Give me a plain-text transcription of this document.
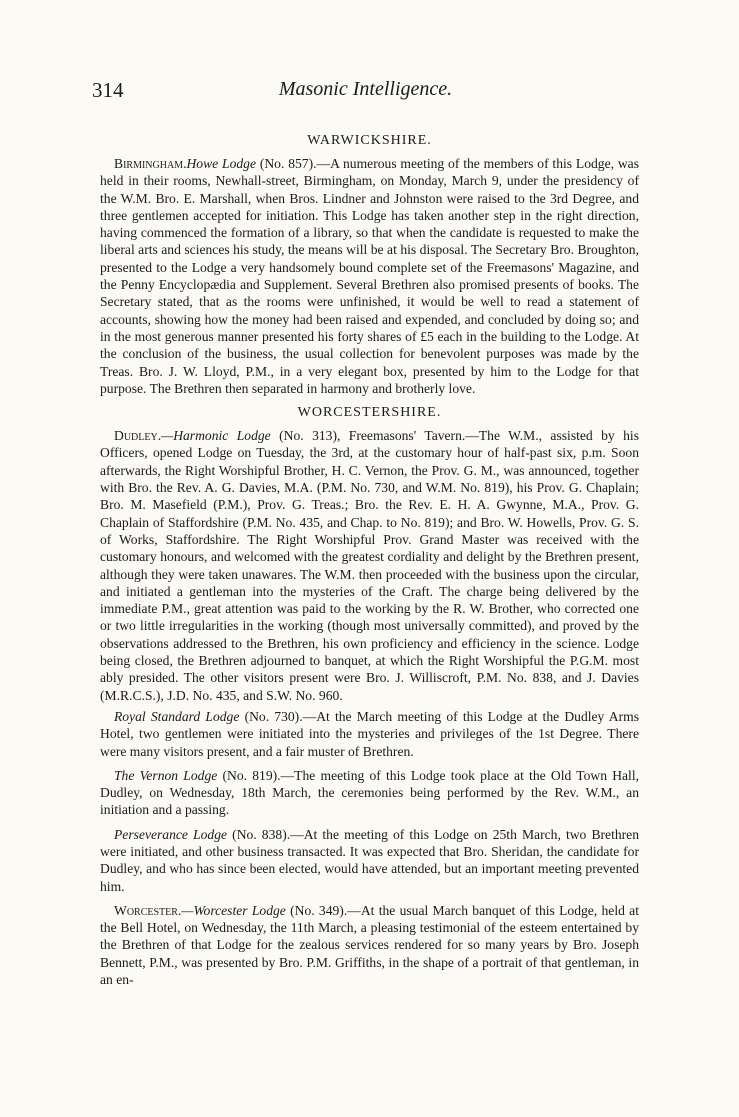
314	Masonic Intelligence.
WARWICKSHIRE.

Birmingham.Howe Lodge (No. 857).—A numerous meeting of the members of this Lodge, was held in their rooms, Newhall-street, Birmingham, on Monday, March 9, under the presidency of the W.M. Bro. E. Marshall, when Bros. Lindner and Johnston were raised to the 3rd Degree, and three gentlemen accepted for initiation. This Lodge has taken another step in the right direction, having commenced the formation of a library, so that when the candidate is requested to make the liberal arts and sciences his study, the means will be at his disposal. The Secretary Bro. Broughton, presented to the Lodge a very handsomely bound complete set of the Freemasons' Magazine, and the Penny Encyclopædia and Supplement. Several Brethren also promised presents of books. The Secretary stated, that as the rooms were unfinished, it would be well to read a statement of accounts, showing how the money had been raised and expended, and concluded by doing so; and in the most generous manner presented his forty shares of £5 each in the building to the Lodge. At the conclusion of the business, the usual collection for benevolent purposes was made by the Treas. Bro. J. W. Lloyd, P.M., in a very elegant box, presented by him to the Lodge for that purpose. The Brethren then separated in harmony and brotherly love.

WORCESTERSHIRE.

Dudley.—Harmonic Lodge (No. 313), Freemasons' Tavern.—The W.M., assisted by his Officers, opened Lodge on Tuesday, the 3rd, at the customary hour of half-past six, p.m. Soon afterwards, the Right Worshipful Brother, H. C. Vernon, the Prov. G. M., was announced, together with Bro. the Rev. A. G. Davies, M.A. (P.M. No. 730, and W.M. No. 819), his Prov. G. Chaplain; Bro. M. Masefield (P.M.), Prov. G. Treas.; Bro. the Rev. E. H. A. Gwynne, M.A., Prov. G. Chaplain of Staffordshire (P.M. No. 435, and Chap. to No. 819); and Bro. W. Howells, Prov. G. S. of Works, Staffordshire. The Right Worshipful Prov. Grand Master was received with the customary honours, and welcomed with the greatest cordiality and delight by the Brethren present, although they were taken unawares. The W.M. then proceeded with the business upon the circular, and initiated a gentleman into the mysteries of the Craft. The charge being delivered by the immediate P.M., great attention was paid to the working by the R. W. Brother, who corrected one or two little irregularities in the working (though most universally committed), and proved by the observations addressed to the Brethren, his own proficiency and efficiency in the science. Lodge being closed, the Brethren adjourned to banquet, at which the Right Worshipful the P.G.M. most ably presided. The other visitors present were Bro. J. Williscroft, P.M. No. 838, and J. Davies (M.R.C.S.), J.D. No. 435, and S.W. No. 960.

Royal Standard Lodge (No. 730).—At the March meeting of this Lodge at the Dudley Arms Hotel, two gentlemen were initiated into the mysteries and privileges of the 1st Degree. There were many visitors present, and a fair muster of Brethren.

The Vernon Lodge (No. 819).—The meeting of this Lodge took place at the Old Town Hall, Dudley, on Wednesday, 18th March, the ceremonies being performed by the Rev. W.M., an initiation and a passing.

Perseverance Lodge (No. 838).—At the meeting of this Lodge on 25th March, two Brethren were initiated, and other business transacted. It was expected that Bro. Sheridan, the candidate for Dudley, and who has since been elected, would have attended, but an important meeting prevented him.

Worcester.—Worcester Lodge (No. 349).—At the usual March banquet of this Lodge, held at the Bell Hotel, on Wednesday, the 11th March, a pleasing testimonial of the esteem entertained by the Brethren of that Lodge for the zealous services rendered for so many years by Bro. Joseph Bennett, P.M., was presented by Bro. P.M. Griffiths, in the shape of a portrait of that gentleman, in an en-
